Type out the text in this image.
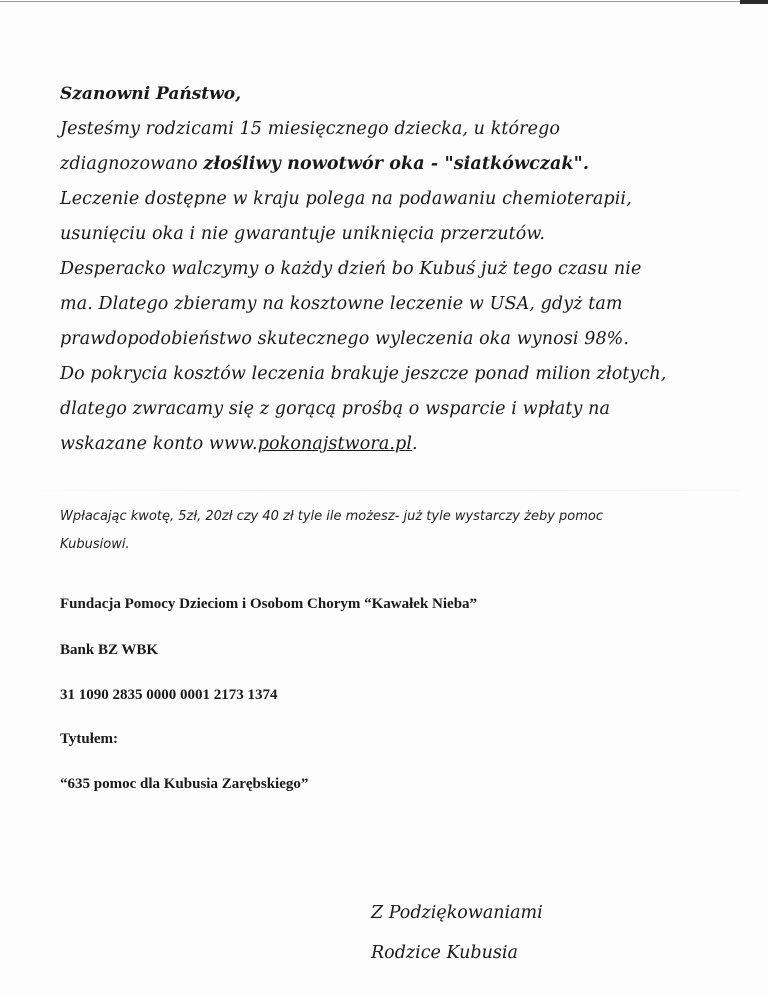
Szanowni Państwo,
Jesteśmy rodzicami 15 miesięcznego dziecka, u którego
zdiagnozowano złośliwy nowotwór oka - "siatkówczak".
Leczenie dostępne w kraju polega na podawaniu chemioterapii,
usunięciu oka i nie gwarantuje uniknięcia przerzutów.
Desperacko walczymy o każdy dzień bo Kubuś już tego czasu nie
ma. Dlatego zbieramy na kosztowne leczenie w USA, gdyż tam
prawdopodobieństwo skutecznego wyleczenia oka wynosi 98%.
Do pokrycia kosztów leczenia brakuje jeszcze ponad milion złotych,
dlatego zwracamy się z gorącą prośbą o wsparcie i wpłaty na
wskazane konto www.pokonajstwora.pl.
Wpłacając kwotę, 5zł, 20zł czy 40 zł tyle ile możesz- już tyle wystarczy żeby pomoc
Kubusiowi.
Fundacja Pomocy Dzieciom i Osobom Chorym “Kawałek Nieba”
Bank BZ WBK
31 1090 2835 0000 0001 2173 1374
Tytułem:
“635 pomoc dla Kubusia Zarębskiego”
Z Podziękowaniami
Rodzice Kubusia
